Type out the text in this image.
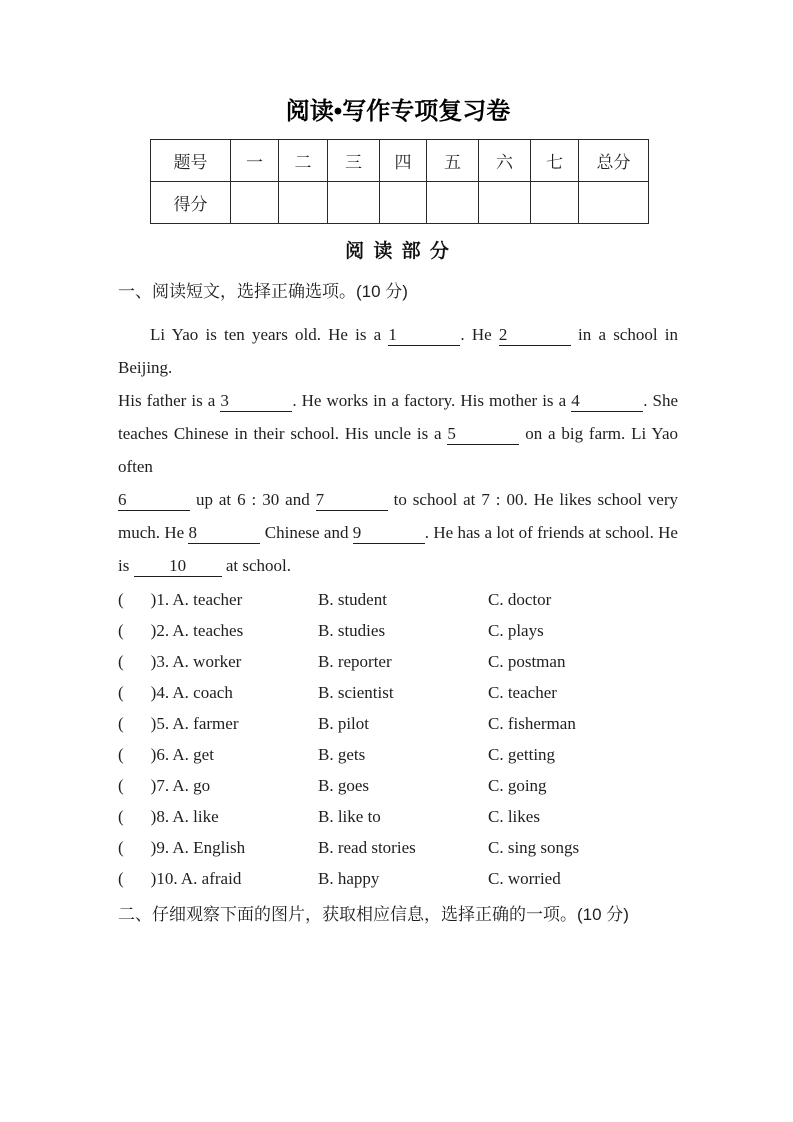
阅读•写作专项复习卷
题号	一	二	三	四	五	六	七	总分
得分								
阅 读 部 分
一、阅读短文，选择正确选项。(10 分)
Li Yao is ten years old. He is a 1	. He 2	in a school in Beijing.
His father is a 3	. He works in a factory. His mother is a 4	. She
teaches Chinese in their school. His uncle is a 5	on a big farm. Li Yao often
6	up at 6 : 30 and 7	to school at 7 : 00. He likes school very
much. He 8	Chinese and 9	. He has a lot of friends at school. He
is 10 at school.
( )1. A. teacher	B. student	C. doctor
( )2. A. teaches	B. studies	C. plays
( )3. A. worker	B. reporter	C. postman
( )4. A. coach	B. scientist	C. teacher
( )5. A. farmer	B. pilot	C. fisherman
( )6. A. get	B. gets	C. getting
( )7. A. go	B. goes	C. going
( )8. A. like	B. like to	C. likes
( )9. A. English	B. read stories	C. sing songs
( )10. A. afraid	B. happy	C. worried
二、仔细观察下面的图片，获取相应信息，选择正确的一项。(10 分)
